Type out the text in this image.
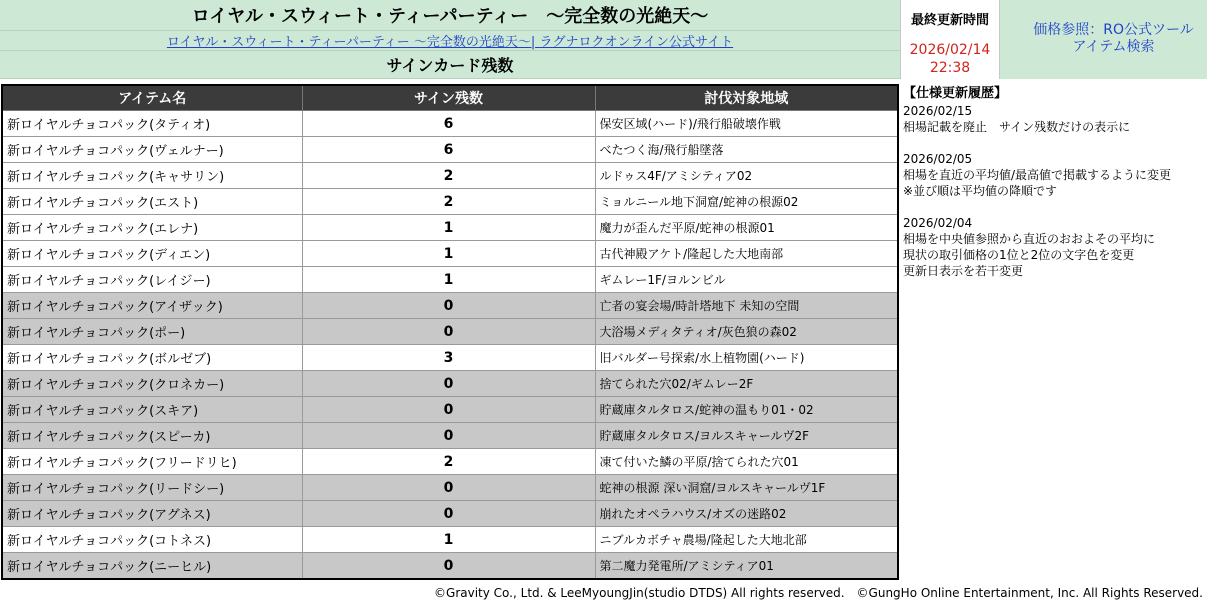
ロイヤル・スウィート・ティーパーティー　～完全数の光絶天～
ロイヤル・スウィート・ティーパーティー ～完全数の光絶天～| ラグナロクオンライン公式サイト
サインカード残数
最終更新時間
2026/02/14
22:38
価格参照：RO公式ツール
アイテム検索
アイテム名	サイン残数	討伐対象地域
新ロイヤルチョコパック(タティオ)	6	保安区域(ハード)/飛行船破壊作戦
新ロイヤルチョコパック(ヴェルナー)	6	べたつく海/飛行船墜落
新ロイヤルチョコパック(キャサリン)	2	ルドゥス4F/アミシティア02
新ロイヤルチョコパック(エスト)	2	ミョルニール地下洞窟/蛇神の根源02
新ロイヤルチョコパック(エレナ)	1	魔力が歪んだ平原/蛇神の根源01
新ロイヤルチョコパック(ディエン)	1	古代神殿アケト/隆起した大地南部
新ロイヤルチョコパック(レイジー)	1	ギムレー1F/ヨルンビル
新ロイヤルチョコパック(アイザック)	0	亡者の宴会場/時計塔地下 未知の空間
新ロイヤルチョコパック(ポー)	0	大浴場メディタティオ/灰色狼の森02
新ロイヤルチョコパック(ボルゼブ)	3	旧バルダー号探索/水上植物園(ハード)
新ロイヤルチョコパック(クロネカー)	0	捨てられた穴02/ギムレー2F
新ロイヤルチョコパック(スキア)	0	貯蔵庫タルタロス/蛇神の温もり01・02
新ロイヤルチョコパック(スピーカ)	0	貯蔵庫タルタロス/ヨルスキャールヴ2F
新ロイヤルチョコパック(フリードリヒ)	2	凍て付いた鱗の平原/捨てられた穴01
新ロイヤルチョコパック(リードシー)	0	蛇神の根源 深い洞窟/ヨルスキャールヴ1F
新ロイヤルチョコパック(アグネス)	0	崩れたオペラハウス/オズの迷路02
新ロイヤルチョコパック(コトネス)	1	ニブルカボチャ農場/隆起した大地北部
新ロイヤルチョコパック(ニーヒル)	0	第二魔力発電所/アミシティア01
【仕様更新履歴】
2026/02/15
相場記載を廃止　サイン残数だけの表示に
2026/02/05
相場を直近の平均値/最高値で掲載するように変更
※並び順は平均値の降順です
2026/02/04
相場を中央値参照から直近のおおよその平均に
現状の取引価格の1位と2位の文字色を変更
更新日表示を若干変更
©Gravity Co., Ltd. & LeeMyoungJin(studio DTDS) All rights reserved.　©GungHo Online Entertainment, Inc. All Rights Reserved.
